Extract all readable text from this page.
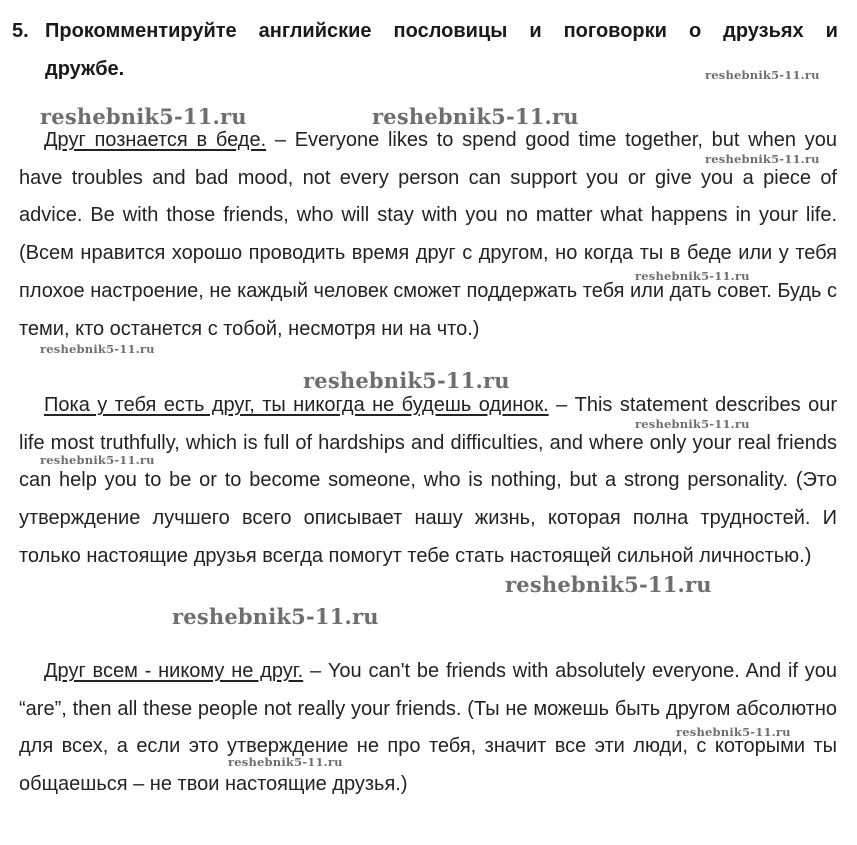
5. Прокомментируйте английские пословицы и поговорки о друзьях и
дружбе.
Друг познается в беде. – Everyone likes to spend good time together, but when you have troubles and bad mood, not every person can support you or give you a piece of advice. Be with those friends, who will stay with you no matter what happens in your life. (Всем нравится хорошо проводить время друг с другом, но когда ты в беде или у тебя плохое настроение, не каждый человек сможет поддержать тебя или дать совет. Будь с теми, кто останется с тобой, несмотря ни на что.)
Пока у тебя есть друг, ты никогда не будешь одинок. – This statement describes our life most truthfully, which is full of hardships and difficulties, and where only your real friends can help you to be or to become someone, who is nothing, but a strong personality. (Это утверждение лучшего всего описывает нашу жизнь, которая полна трудностей. И только настоящие друзья всегда помогут тебе стать настоящей сильной личностью.)
Друг всем - никому не друг. – You can't be friends with absolutely everyone. And if you “are”, then all these people not really your friends. (Ты не можешь быть другом абсолютно для всех, а если это утверждение не про тебя, значит все эти люди, с которыми ты общаешься – не твои настоящие друзья.)
reshebnik5-11.ru
reshebnik5-11.ru	reshebnik5-11.ru
reshebnik5-11.ru
reshebnik5-11.ru
reshebnik5-11.ru
reshebnik5-11.ru
reshebnik5-11.ru
reshebnik5-11.ru
reshebnik5-11.ru
reshebnik5-11.ru
reshebnik5-11.ru
reshebnik5-11.ru
